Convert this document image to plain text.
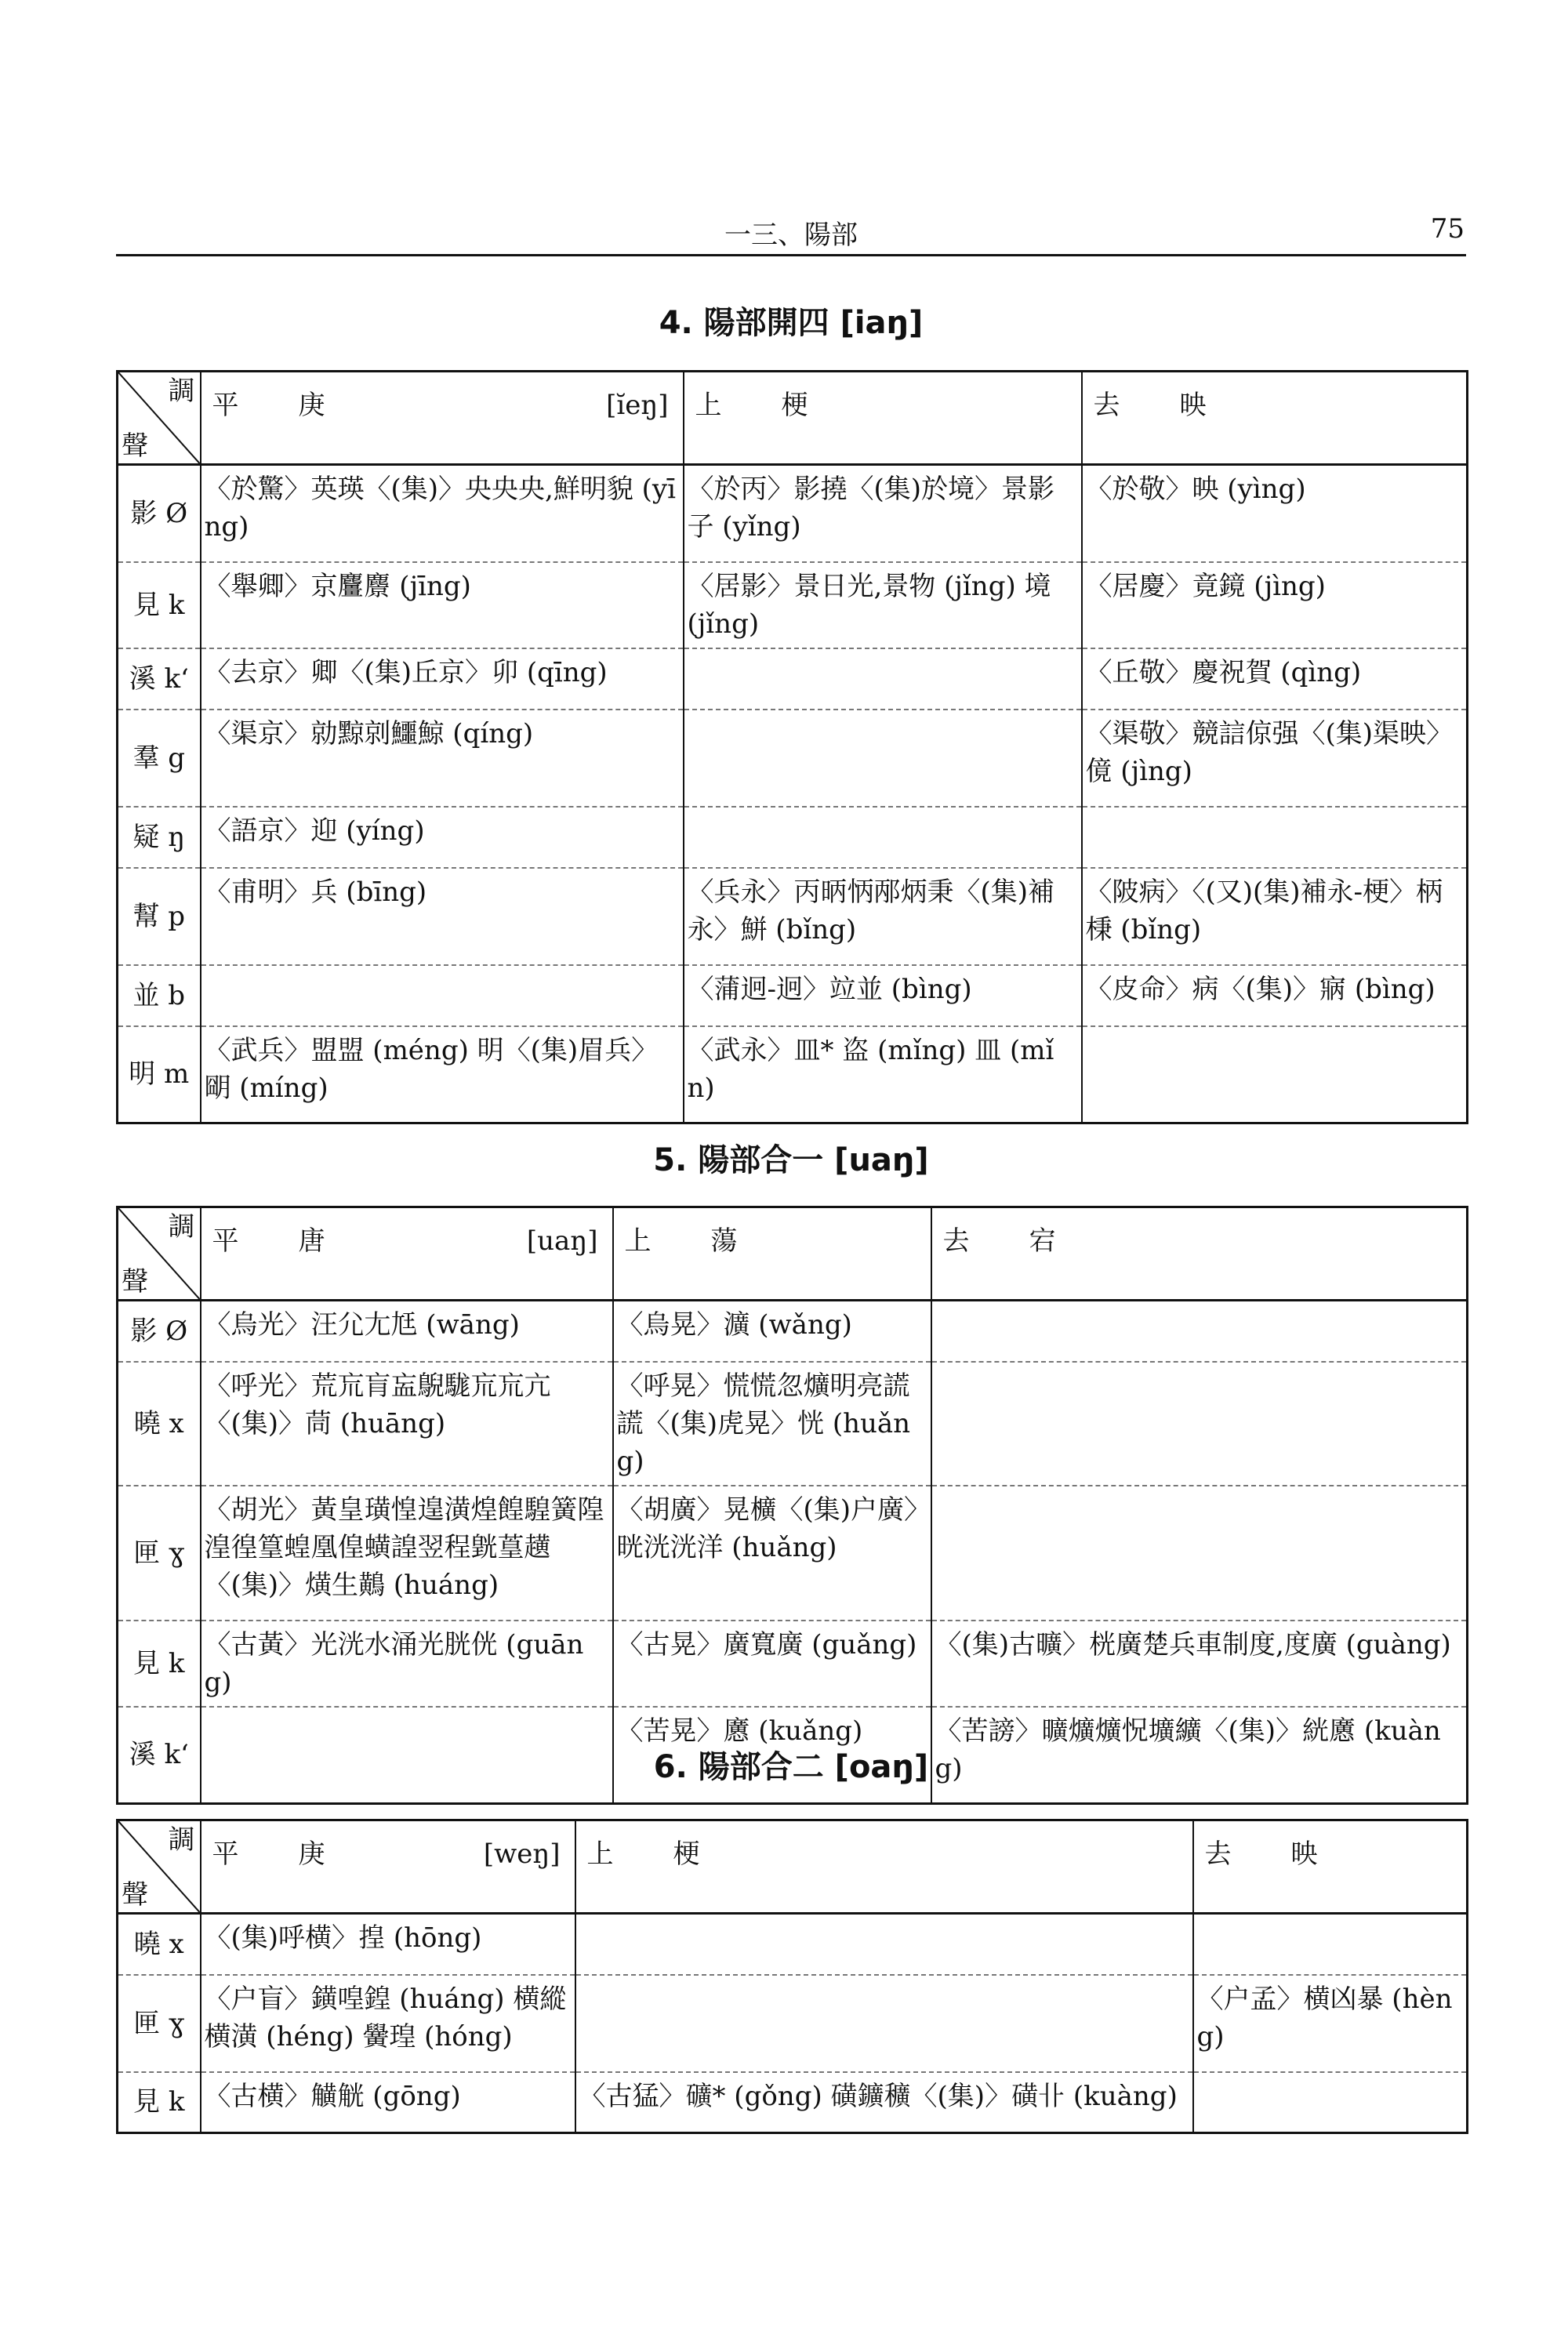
一三、陽部	75
4. 陽部開四 [iaŋ]
調
聲	平 庚 [ĭeŋ]	上 梗	去 映

影 Ø	〈於驚〉英瑛〈(集)〉央央央,鮮明貌 (yīng)	〈於丙〉影撓〈(集)於境〉景影子 (yǐng)	〈於敬〉映 (yìng)
見 k	〈舉卿〉京麠麖 (jīng)	〈居影〉景日光,景物 (jǐng) 境 (jǐng)	〈居慶〉竟鏡 (jìng)
溪 kʻ	〈去京〉卿〈(集)丘京〉卯 (qīng)		〈丘敬〉慶祝賀 (qìng)
羣 g	〈渠京〉勍黥剠鱷鯨 (qíng)		〈渠敬〉競誩倞强〈(集)渠映〉傹 (jìng)
疑 ŋ	〈語京〉迎 (yíng)		
幫 p	〈甫明〉兵 (bīng)	〈兵永〉丙昞怲邴炳秉〈(集)補永〉鮩 (bǐng)	〈陂病〉〈(又)(集)補永-梗〉柄棅 (bǐng)
並 b		〈蒲迥-迥〉竝並 (bìng)	〈皮命〉病〈(集)〉寎 (bìng)
明 m	〈武兵〉盟盟 (méng) 明〈(集)眉兵〉朙 (míng)	〈武永〉皿* 盗 (mǐng) 皿 (mǐn)	
5. 陽部合一 [uaŋ]
調
聲	平 唐 [uaŋ]	上 蕩	去 宕

影 Ø	〈烏光〉汪尣尢尪 (wāng)	〈烏晃〉瀇 (wǎng)	
曉 x	〈呼光〉荒巟肓衁鶃駹巟巟亢〈(集)〉茼 (huāng)	〈呼晃〉慌慌忽爌明亮謊謊〈(集)虎晃〉恍 (huǎng)	
匣 ɣ	〈胡光〉黃皇璜惶遑潢煌餭騜簧隍湟徨篁蝗凰偟蟥諻翌程皝葟趪〈(集)〉熿生鷬 (huáng)	〈胡廣〉晃櫎〈(集)户廣〉晄洸洸洋 (huǎng)	
見 k	〈古黃〉光洸水涌光胱侊 (guāng)	〈古晃〉廣寬廣 (guǎng)	〈(集)古曠〉桄廣楚兵車制度,度廣 (guàng)
溪 kʻ		〈苦晃〉懬 (kuǎng)	〈苦謗〉曠爌爌怳壙纊〈(集)〉絖懬 (kuàng)
6. 陽部合二 [oaŋ]
調
聲	平 庚 [weŋ]	上 梗	去 映

曉 x	〈(集)呼横〉揘 (hōng)		
匣 ɣ	〈户盲〉鐄喤鍠 (huáng) 横縱横潢 (héng) 黌瑝 (hóng)		〈户孟〉横凶暴 (hèng)
見 k	〈古横〉觵觥 (gōng)	〈古猛〉礦* (gǒng) 磺鑛穬〈(集)〉磺卝 (kuàng)	
